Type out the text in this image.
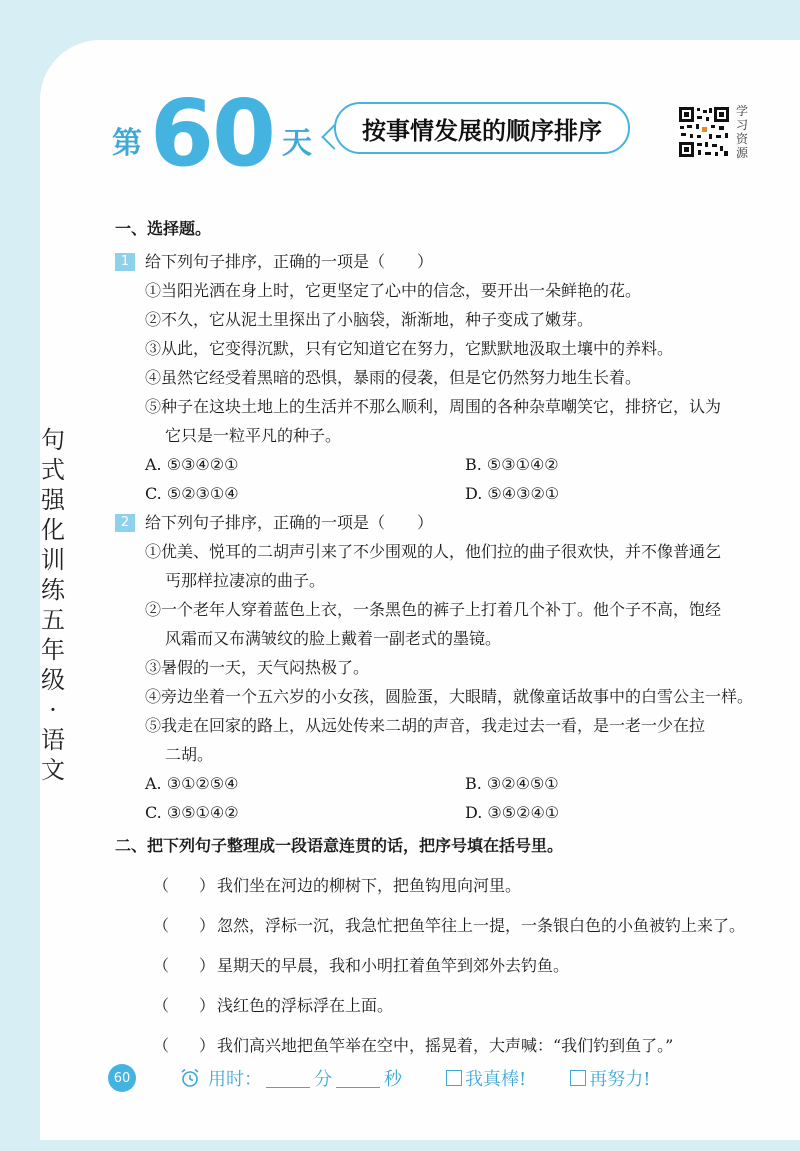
第 60 天	按事情发展的顺序排序
学习资源
句式强化训练五年级·语文
一、选择题。
1 给下列句子排序，正确的一项是（　　）
①当阳光洒在身上时，它更坚定了心中的信念，要开出一朵鲜艳的花。
②不久，它从泥土里探出了小脑袋，渐渐地，种子变成了嫩芽。
③从此，它变得沉默，只有它知道它在努力，它默默地汲取土壤中的养料。
④虽然它经受着黑暗的恐惧，暴雨的侵袭，但是它仍然努力地生长着。
⑤种子在这块土地上的生活并不那么顺利，周围的各种杂草嘲笑它，排挤它，认为
它只是一粒平凡的种子。
A. ⑤③④②①	B. ⑤③①④②
C. ⑤②③①④	D. ⑤④③②①
2 给下列句子排序，正确的一项是（　　）
①优美、悦耳的二胡声引来了不少围观的人，他们拉的曲子很欢快，并不像普通乞
丐那样拉凄凉的曲子。
②一个老年人穿着蓝色上衣，一条黑色的裤子上打着几个补丁。他个子不高，饱经
风霜而又布满皱纹的脸上戴着一副老式的墨镜。
③暑假的一天，天气闷热极了。
④旁边坐着一个五六岁的小女孩，圆脸蛋，大眼睛，就像童话故事中的白雪公主一样。
⑤我走在回家的路上，从远处传来二胡的声音，我走过去一看，是一老一少在拉
二胡。
A. ③①②⑤④	B. ③②④⑤①
C. ③⑤①④②	D. ③⑤②④①
二、把下列句子整理成一段语意连贯的话，把序号填在括号里。
（ ） 我们坐在河边的柳树下，把鱼钩甩向河里。
（ ） 忽然，浮标一沉，我急忙把鱼竿往上一提，一条银白色的小鱼被钓上来了。
（ ） 星期天的早晨，我和小明扛着鱼竿到郊外去钓鱼。
（ ） 浅红色的浮标浮在上面。
（ ） 我们高兴地把鱼竿举在空中，摇晃着，大声喊：“我们钓到鱼了。”
60	用时：	分	秒	我真棒!	再努力!
